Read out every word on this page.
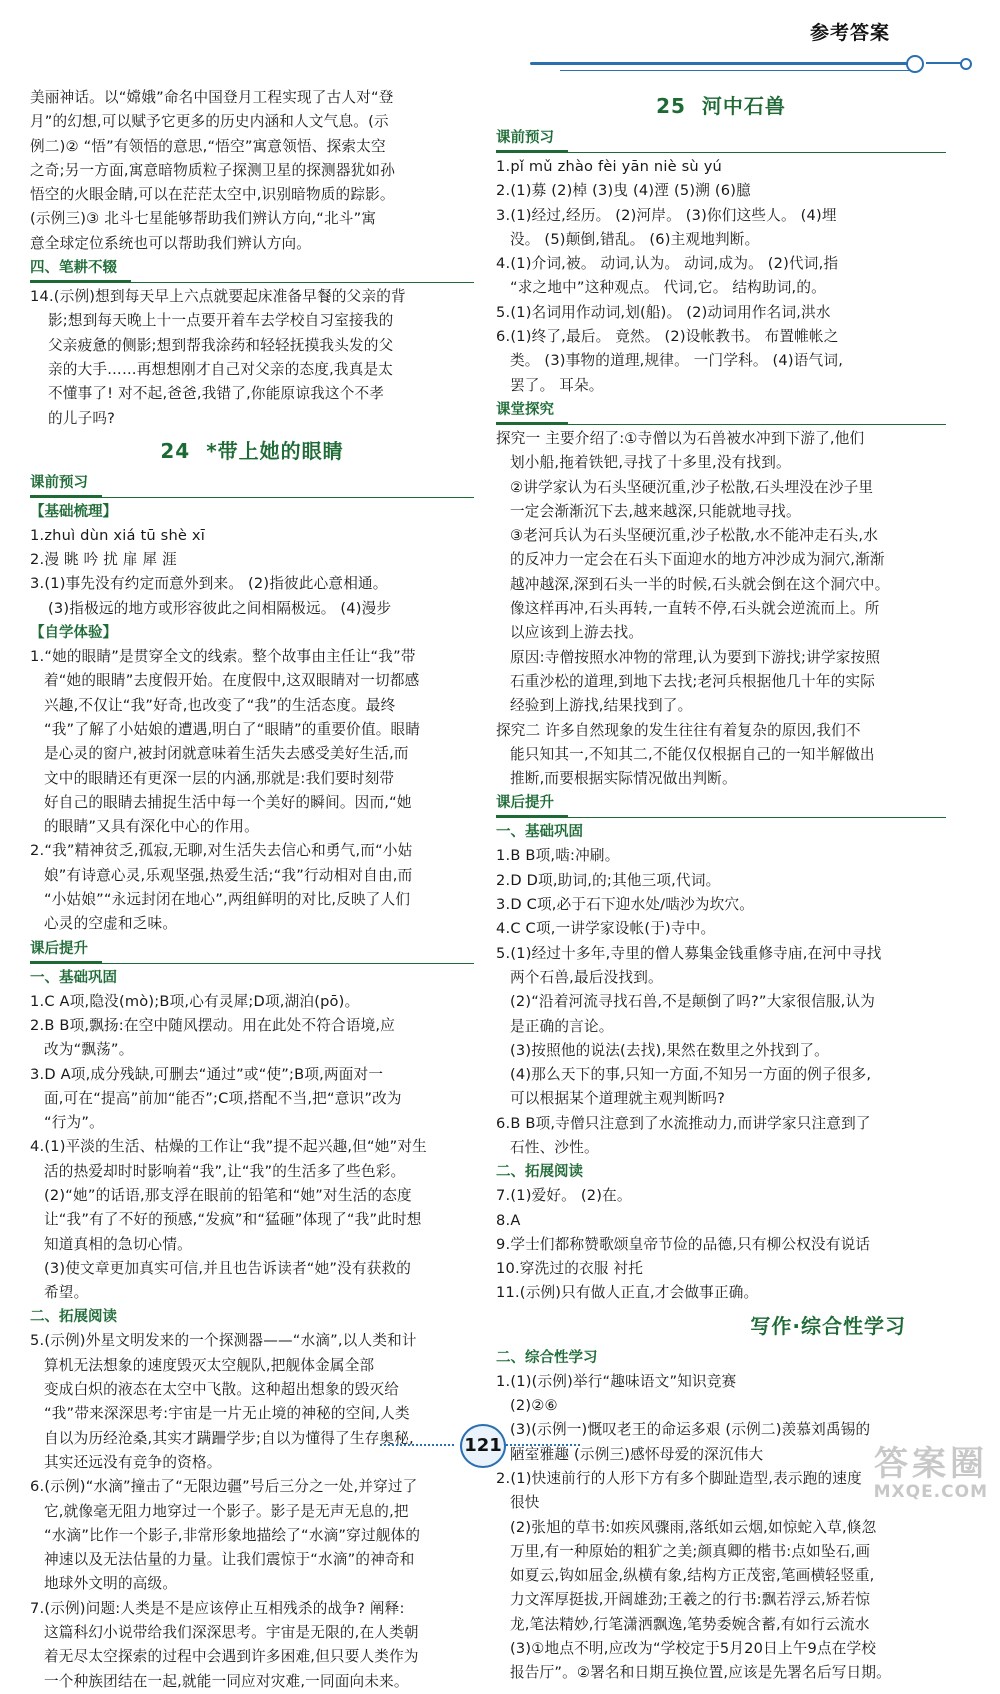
参考答案

美丽神话。以“嫦娥”命名中国登月工程实现了古人对“登

月”的幻想,可以赋予它更多的历史内涵和人文气息。(示

例二)② “悟”有领悟的意思,“悟空”寓意领悟、探索太空

之奇;另一方面,寓意暗物质粒子探测卫星的探测器犹如孙

悟空的火眼金睛,可以在茫茫太空中,识别暗物质的踪影。

(示例三)③ 北斗七星能够帮助我们辨认方向,“北斗”寓

意全球定位系统也可以帮助我们辨认方向。

四、笔耕不辍

14.(示例)想到每天早上六点就要起床准备早餐的父亲的背

影;想到每天晚上十一点要开着车去学校自习室接我的

父亲疲惫的侧影;想到帮我涂药和轻轻抚摸我头发的父

亲的大手……再想想刚才自己对父亲的态度,我真是太

不懂事了! 对不起,爸爸,我错了,你能原谅我这个不孝

的儿子吗?

24 *带上她的眼睛

课前预习

【基础梳理】

1.zhuì dùn xiá tū shè xī

2.漫 眺 吟 扰 扉 犀 涯

3.(1)事先没有约定而意外到来。 (2)指彼此心意相通。

(3)指极远的地方或形容彼此之间相隔极远。 (4)漫步

【自学体验】

1.“她的眼睛”是贯穿全文的线索。整个故事由主任让“我”带

着“她的眼睛”去度假开始。在度假中,这双眼睛对一切都感

兴趣,不仅让“我”好奇,也改变了“我”的生活态度。最终

“我”了解了小姑娘的遭遇,明白了“眼睛”的重要价值。眼睛

是心灵的窗户,被封闭就意味着生活失去感受美好生活,而

文中的眼睛还有更深一层的内涵,那就是:我们要时刻带

好自己的眼睛去捕捉生活中每一个美好的瞬间。因而,“她

的眼睛”又具有深化中心的作用。

2.“我”精神贫乏,孤寂,无聊,对生活失去信心和勇气,而“小姑

娘”有诗意心灵,乐观坚强,热爱生活;“我”行动相对自由,而

“小姑娘”“永远封闭在地心”,两组鲜明的对比,反映了人们

心灵的空虚和乏味。

课后提升

一、基础巩固

1.C A项,隐没(mò);B项,心有灵犀;D项,湖泊(pō)。

2.B B项,飘扬:在空中随风摆动。用在此处不符合语境,应

改为“飘荡”。

3.D A项,成分残缺,可删去“通过”或“使”;B项,两面对一

面,可在“提高”前加“能否”;C项,搭配不当,把“意识”改为

“行为”。

4.(1)平淡的生活、枯燥的工作让“我”提不起兴趣,但“她”对生

活的热爱却时时影响着“我”,让“我”的生活多了些色彩。

(2)“她”的话语,那支浮在眼前的铅笔和“她”对生活的态度

让“我”有了不好的预感,“发疯”和“猛砸”体现了“我”此时想

知道真相的急切心情。

(3)使文章更加真实可信,并且也告诉读者“她”没有获救的

希望。

二、拓展阅读

5.(示例)外星文明发来的一个探测器——“水滴”,以人类和计

算机无法想象的速度毁灭太空舰队,把舰体金属全部

变成白炽的液态在太空中飞散。这种超出想象的毁灭给

“我”带来深深思考:宇宙是一片无止境的神秘的空间,人类

自以为历经沧桑,其实才蹒跚学步;自以为懂得了生存奥秘,

其实还远没有竞争的资格。

6.(示例)“水滴”撞击了“无限边疆”号后三分之一处,并穿过了

它,就像毫无阻力地穿过一个影子。影子是无声无息的,把

“水滴”比作一个影子,非常形象地描绘了“水滴”穿过舰体的

神速以及无法估量的力量。让我们震惊于“水滴”的神奇和

地球外文明的高级。

7.(示例)问题:人类是不是应该停止互相残杀的战争? 阐释:

这篇科幻小说带给我们深深思考。宇宙是无限的,在人类朝

着无尽太空探索的过程中会遇到许多困难,但只要人类作为

一个种族团结在一起,就能一同应对灾难,一同面向未来。

25 河中石兽

课前预习

1.pǐ mǔ zhào fèi yān niè sù yú

2.(1)募 (2)棹 (3)曳 (4)湮 (5)溯 (6)臆

3.(1)经过,经历。 (2)河岸。 (3)你们这些人。 (4)埋

没。 (5)颠倒,错乱。 (6)主观地判断。

4.(1)介词,被。 动词,认为。 动词,成为。 (2)代词,指

“求之地中”这种观点。 代词,它。 结构助词,的。

5.(1)名词用作动词,划(船)。 (2)动词用作名词,洪水

6.(1)终了,最后。 竟然。 (2)设帐教书。 布置帷帐之

类。 (3)事物的道理,规律。 一门学科。 (4)语气词,

罢了。 耳朵。

课堂探究

探究一 主要介绍了:①寺僧以为石兽被水冲到下游了,他们

划小船,拖着铁钯,寻找了十多里,没有找到。

②讲学家认为石头坚硬沉重,沙子松散,石头埋没在沙子里

一定会渐渐沉下去,越来越深,只能就地寻找。

③老河兵认为石头坚硬沉重,沙子松散,水不能冲走石头,水

的反冲力一定会在石头下面迎水的地方冲沙成为洞穴,渐渐

越冲越深,深到石头一半的时候,石头就会倒在这个洞穴中。

像这样再冲,石头再转,一直转不停,石头就会逆流而上。所

以应该到上游去找。

原因:寺僧按照水冲物的常理,认为要到下游找;讲学家按照

石重沙松的道理,到地下去找;老河兵根据他几十年的实际

经验到上游找,结果找到了。

探究二 许多自然现象的发生往往有着复杂的原因,我们不

能只知其一,不知其二,不能仅仅根据自己的一知半解做出

推断,而要根据实际情况做出判断。

课后提升

一、基础巩固

1.B B项,啮:冲刷。

2.D D项,助词,的;其他三项,代词。

3.D C项,必于石下迎水处/啮沙为坎穴。

4.C C项,一讲学家设帐(于)寺中。

5.(1)经过十多年,寺里的僧人募集金钱重修寺庙,在河中寻找

两个石兽,最后没找到。

(2)“沿着河流寻找石兽,不是颠倒了吗?”大家很信服,认为

是正确的言论。

(3)按照他的说法(去找),果然在数里之外找到了。

(4)那么天下的事,只知一方面,不知另一方面的例子很多,

可以根据某个道理就主观判断吗?

6.B B项,寺僧只注意到了水流推动力,而讲学家只注意到了

石性、沙性。

二、拓展阅读

7.(1)爱好。 (2)在。

8.A

9.学士们都称赞歌颂皇帝节俭的品德,只有柳公权没有说话

10.穿洗过的衣服 衬托

11.(示例)只有做人正直,才会做事正确。

写作·综合性学习

二、综合性学习

1.(1)(示例)举行“趣味语文”知识竞赛

(2)②⑥

(3)(示例一)慨叹老王的命运多艰 (示例二)羡慕刘禹锡的

陋室雅趣 (示例三)感怀母爱的深沉伟大

2.(1)快速前行的人形下方有多个脚趾造型,表示跑的速度

很快

(2)张旭的草书:如疾风骤雨,落纸如云烟,如惊蛇入草,倏忽

万里,有一种原始的粗犷之美;颜真卿的楷书:点如坠石,画

如夏云,钩如屈金,纵横有象,结构方正茂密,笔画横轻竖重,

力文浑厚挺拔,开阔雄劲;王羲之的行书:飘若浮云,矫若惊

龙,笔法精妙,行笔潇洒飘逸,笔势委婉含蓄,有如行云流水

(3)①地点不明,应改为“学校定于5月20日上午9点在学校

报告厅”。②署名和日期互换位置,应该是先署名后写日期。

121	答案圈
MXQE.COM
